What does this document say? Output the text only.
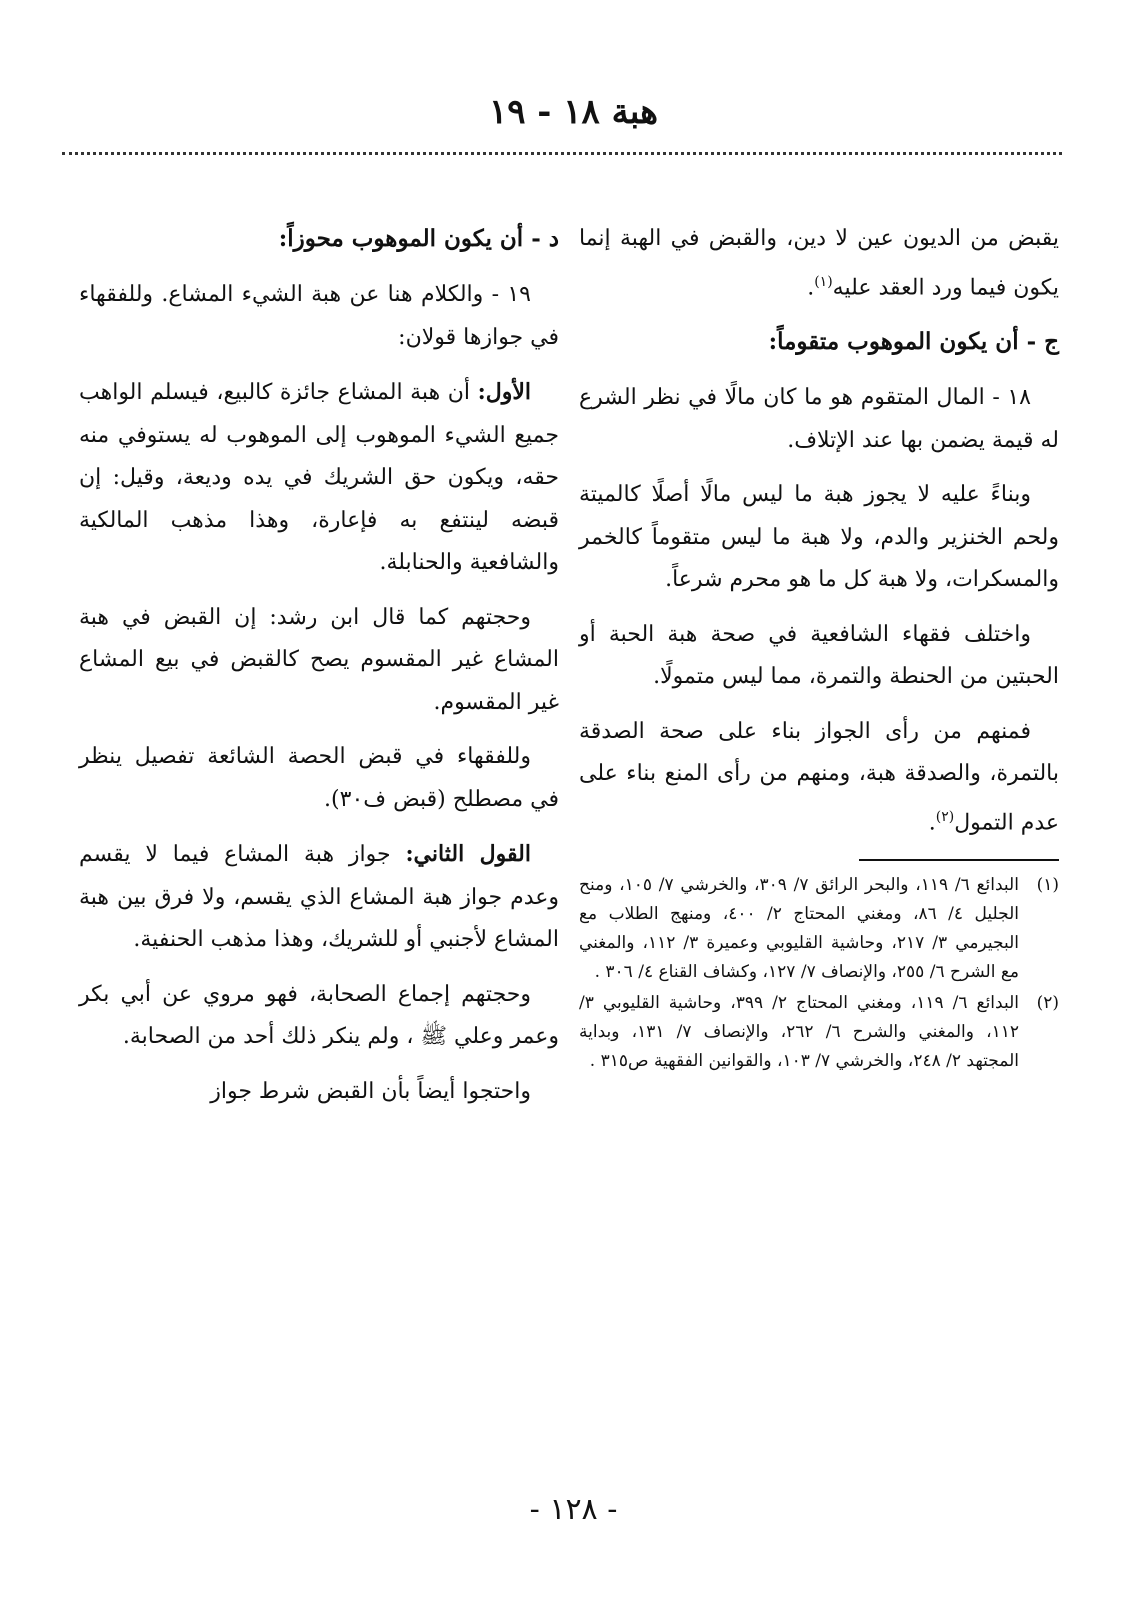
هبة ١٨ - ١٩

يقبض من الديون عين لا دين، والقبض في الهبة إنما يكون فيما ورد العقد عليه$^{(١)}$.

ج - أن يكون الموهوب متقوماً:

١٨ - المال المتقوم هو ما كان مالًا في نظر الشرع له قيمة يضمن بها عند الإتلاف.

وبناءً عليه لا يجوز هبة ما ليس مالًا أصلًا كالميتة ولحم الخنزير والدم، ولا هبة ما ليس متقوماً كالخمر والمسكرات، ولا هبة كل ما هو محرم شرعاً.

واختلف فقهاء الشافعية في صحة هبة الحبة أو الحبتين من الحنطة والتمرة، مما ليس متمولًا.

فمنهم من رأى الجواز بناء على صحة الصدقة بالتمرة، والصدقة هبة، ومنهم من رأى المنع بناء على عدم التمول$^{(٢)}$.

(١)
البدائع ٦/ ١١٩، والبحر الرائق ٧/ ٣٠٩، والخرشي ٧/ ١٠٥، ومنح الجليل ٤/ ٨٦، ومغني المحتاج ٢/ ٤٠٠، ومنهج الطلاب مع البجيرمي ٣/ ٢١٧، وحاشية القليوبي وعميرة ٣/ ١١٢، والمغني مع الشرح ٦/ ٢٥٥، والإنصاف ٧/ ١٢٧، وكشاف القناع ٤/ ٣٠٦ .
(٢)
البدائع ٦/ ١١٩، ومغني المحتاج ٢/ ٣٩٩، وحاشية القليوبي ٣/ ١١٢، والمغني والشرح ٦/ ٢٦٢، والإنصاف ٧/ ١٣١، وبداية المجتهد ٢/ ٢٤٨، والخرشي ٧/ ١٠٣، والقوانين الفقهية ص٣١٥ .

د - أن يكون الموهوب محوزاً:

١٩ - والكلام هنا عن هبة الشيء المشاع. وللفقهاء في جوازها قولان:

الأول: أن هبة المشاع جائزة كالبيع، فيسلم الواهب جميع الشيء الموهوب إلى الموهوب له يستوفي منه حقه، ويكون حق الشريك في يده وديعة، وقيل: إن قبضه لينتفع به فإعارة، وهذا مذهب المالكية والشافعية والحنابلة.

وحجتهم كما قال ابن رشد: إن القبض في هبة المشاع غير المقسوم يصح كالقبض في بيع المشاع غير المقسوم.

وللفقهاء في قبض الحصة الشائعة تفصيل ينظر في مصطلح (قبض ف٣٠).

القول الثاني: جواز هبة المشاع فيما لا يقسم وعدم جواز هبة المشاع الذي يقسم، ولا فرق بين هبة المشاع لأجنبي أو للشريك، وهذا مذهب الحنفية.

وحجتهم إجماع الصحابة، فهو مروي عن أبي بكر وعمر وعلي ﷺ ، ولم ينكر ذلك أحد من الصحابة.

واحتجوا أيضاً بأن القبض شرط جواز

- ١٢٨ -
